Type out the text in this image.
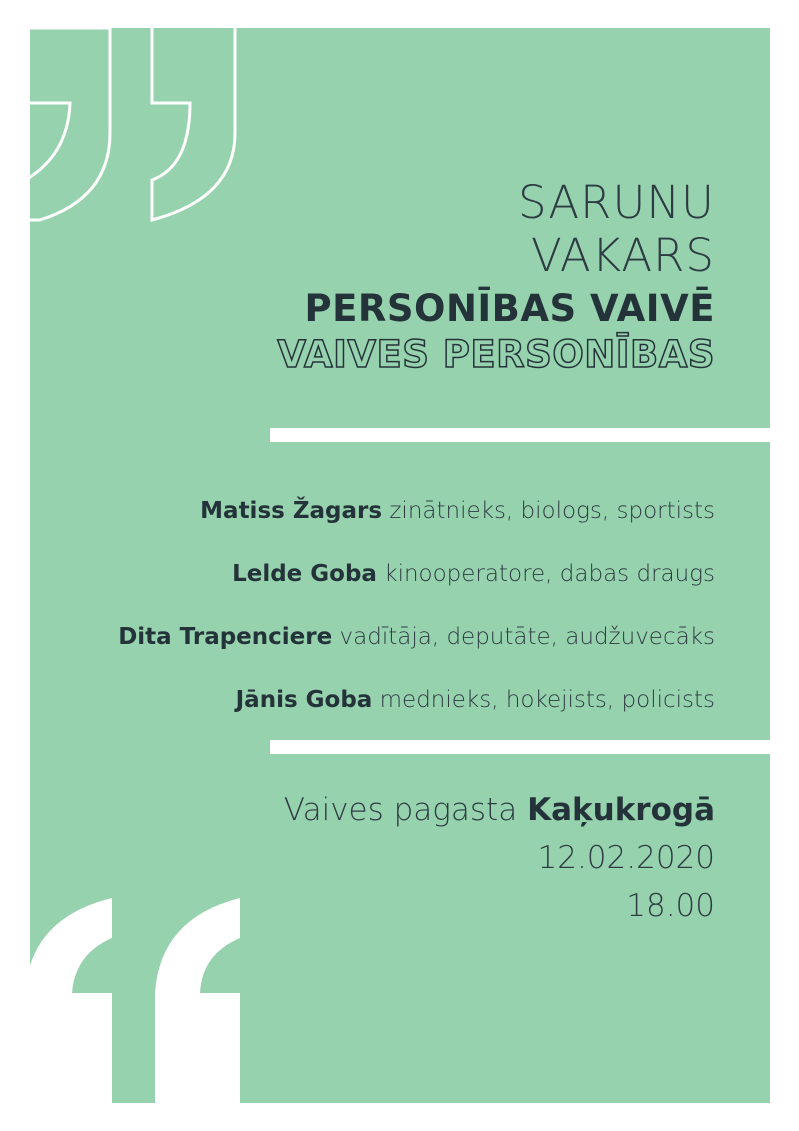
SARUNU
VAKARS
PERSONĪBAS VAIVĒ
VAIVES PERSONĪBAS
Matiss Žagars zinātnieks, biologs, sportists
Lelde Goba kinooperatore, dabas draugs
Dita Trapenciere vadītāja, deputāte, audžuvecāks
Jānis Goba mednieks, hokejists, policists
Vaives pagasta Kaķukrogā
12.02.2020
18.00
